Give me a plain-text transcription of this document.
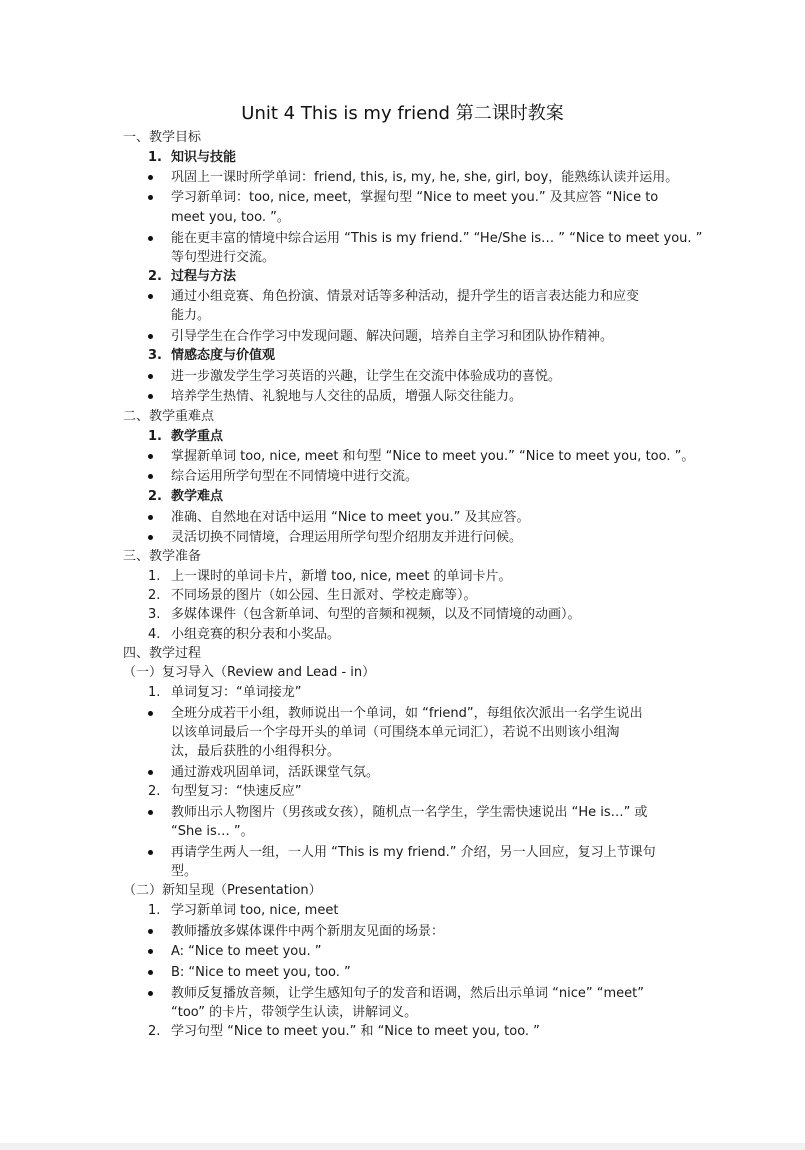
Unit 4 This is my friend 第二课时教案
一、教学目标
1. 知识与技能
巩固上一课时所学单词：friend, this, is, my, he, she, girl, boy，能熟练认读并运用。
学习新单词：too, nice, meet，掌握句型 “Nice to meet you.” 及其应答 “Nice to
meet you, too. ”。
能在更丰富的情境中综合运用 “This is my friend.” “He/She is… ” “Nice to meet you. ”
等句型进行交流。
2. 过程与方法
通过小组竞赛、角色扮演、情景对话等多种活动，提升学生的语言表达能力和应变
能力。
引导学生在合作学习中发现问题、解决问题，培养自主学习和团队协作精神。
3. 情感态度与价值观
进一步激发学生学习英语的兴趣，让学生在交流中体验成功的喜悦。
培养学生热情、礼貌地与人交往的品质，增强人际交往能力。
二、教学重难点
1. 教学重点
掌握新单词 too, nice, meet 和句型 “Nice to meet you.” “Nice to meet you, too. ”。
综合运用所学句型在不同情境中进行交流。
2. 教学难点
准确、自然地在对话中运用 “Nice to meet you.” 及其应答。
灵活切换不同情境，合理运用所学句型介绍朋友并进行问候。
三、教学准备
1. 上一课时的单词卡片，新增 too, nice, meet 的单词卡片。
2. 不同场景的图片（如公园、生日派对、学校走廊等）。
3. 多媒体课件（包含新单词、句型的音频和视频，以及不同情境的动画）。
4. 小组竞赛的积分表和小奖品。
四、教学过程
（一）复习导入（Review and Lead - in）
1. 单词复习：“单词接龙”
全班分成若干小组，教师说出一个单词，如 “friend”，每组依次派出一名学生说出
以该单词最后一个字母开头的单词（可围绕本单元词汇），若说不出则该小组淘
汰，最后获胜的小组得积分。
通过游戏巩固单词，活跃课堂气氛。
2. 句型复习：“快速反应”
教师出示人物图片（男孩或女孩），随机点一名学生，学生需快速说出 “He is…” 或
“She is… ”。
再请学生两人一组，一人用 “This is my friend.” 介绍，另一人回应，复习上节课句
型。
（二）新知呈现（Presentation）
1. 学习新单词 too, nice, meet
教师播放多媒体课件中两个新朋友见面的场景：
A: “Nice to meet you. ”
B: “Nice to meet you, too. ”
教师反复播放音频，让学生感知句子的发音和语调，然后出示单词 “nice” “meet”
“too” 的卡片，带领学生认读，讲解词义。
2. 学习句型 “Nice to meet you.” 和 “Nice to meet you, too. ”
